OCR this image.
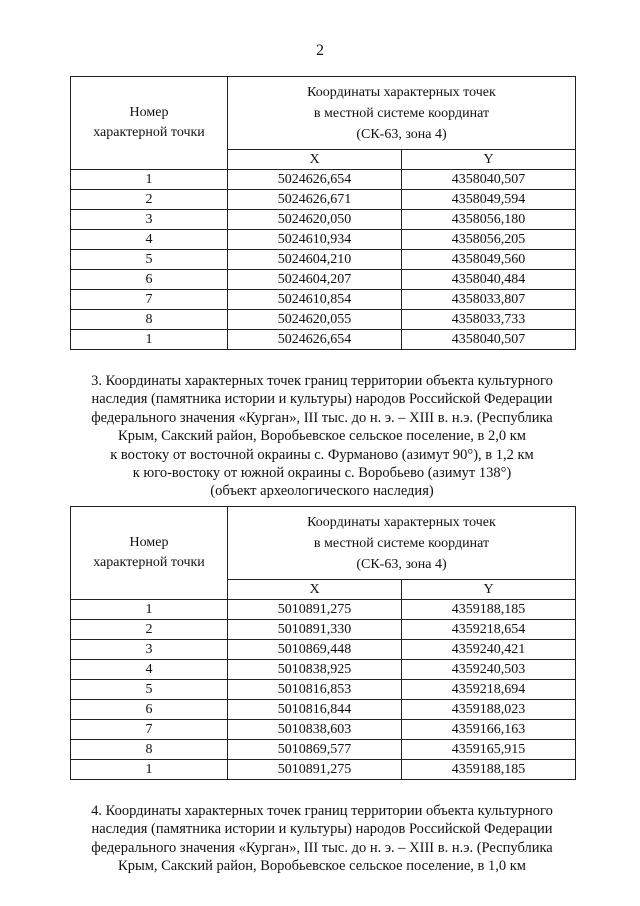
2
Номер
характерной точки	Координаты характерных точек
в местной системе координат
(СК-63, зона 4)	
	X	Y
1	5024626,654	4358040,507
2	5024626,671	4358049,594
3	5024620,050	4358056,180
4	5024610,934	4358056,205
5	5024604,210	4358049,560
6	5024604,207	4358040,484
7	5024610,854	4358033,807
8	5024620,055	4358033,733
1	5024626,654	4358040,507

3. Координаты характерных точек границ территории объекта культурного
наследия (памятника истории и культуры) народов Российской Федерации
федерального значения «Курган», III тыс. до н. э. – XIII в. н.э. (Республика
Крым, Сакский район, Воробьевское сельское поселение, в 2,0 км
к востоку от восточной окраины с. Фурманово (азимут 90°), в 1,2 км
к юго-востоку от южной окраины с. Воробьево (азимут 138°)
(объект археологического наследия)

Номер
характерной точки	Координаты характерных точек
в местной системе координат
(СК-63, зона 4)	
	X	Y
1	5010891,275	4359188,185
2	5010891,330	4359218,654
3	5010869,448	4359240,421
4	5010838,925	4359240,503
5	5010816,853	4359218,694
6	5010816,844	4359188,023
7	5010838,603	4359166,163
8	5010869,577	4359165,915
1	5010891,275	4359188,185

4. Координаты характерных точек границ территории объекта культурного
наследия (памятника истории и культуры) народов Российской Федерации
федерального значения «Курган», III тыс. до н. э. – XIII в. н.э. (Республика
Крым, Сакский район, Воробьевское сельское поселение, в 1,0 км
